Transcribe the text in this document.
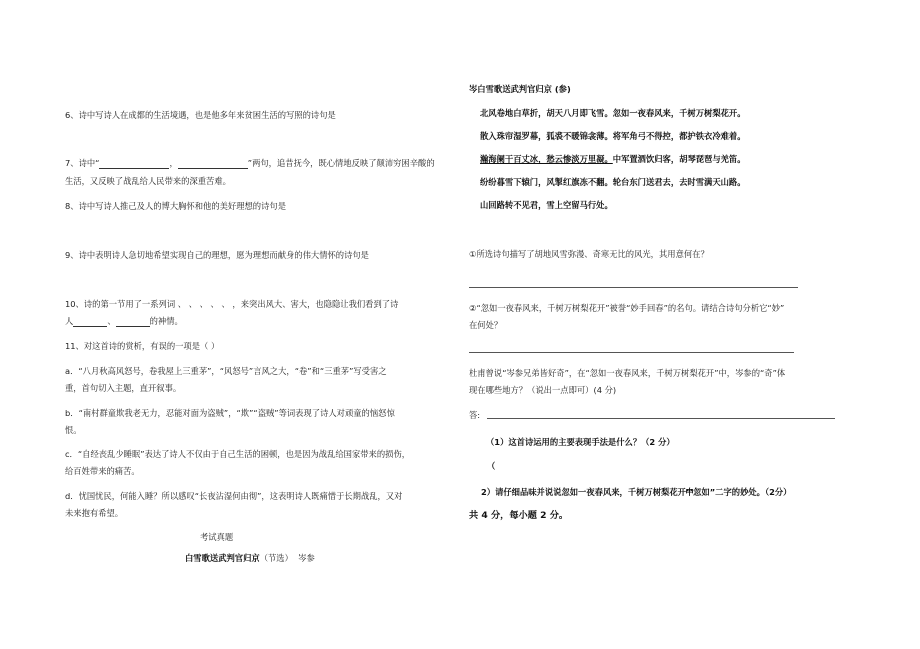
6、诗中写诗人在成都的生活境遇，也是他多年来贫困生活的写照的诗句是
7、诗中“	，	”两句，追昔抚今，既心情地反映了颠沛穷困辛酸的
生活，又反映了战乱给人民带来的深重苦难。
8、诗中写诗人推己及人的博大胸怀和他的美好理想的诗句是
9、诗中表明诗人急切地希望实现自己的理想，愿为理想而献身的伟大情怀的诗句是
10、诗的第一节用了一系列词 、 、 、 、 、 ，来突出风大、害大，也隐隐让我们看到了诗
人	、	的神情。
11、对这首诗的赏析，有误的一项是（ ）
a．“八月秋高风怒号，卷我屋上三重茅”，“风怒号”言风之大，“卷”和“三重茅”写受害之
重，首句切入主题，直开叙事。
b．“南村群童欺我老无力，忍能对面为盗贼”，“欺”“盗贼”等词表现了诗人对顽童的恼怒惊
恨。
c．“自经丧乱少睡眠”表达了诗人不仅由于自己生活的困顿，也是因为战乱给国家带来的损伤，
给百姓带来的痛苦。
d．忧国忧民，何能入睡？所以感叹“长夜沾湿何由彻”，这表明诗人既痛惜于长期战乱，又对
未来抱有希望。
考试真题
白雪歌送武判官归京（节选） 岑参
岑白雪歌送武判官归京 (参)
北风卷地白草折，胡天八月即飞雪。忽如一夜春风来，千树万树梨花开。
散入珠帘湿罗幕，狐裘不暖锦衾薄。将军角弓不得控，都护铁衣冷难着。
瀚海阑干百丈冰，愁云惨淡万里凝。中军置酒饮归客，胡琴琵琶与羌笛。
纷纷暮雪下辕门，风掣红旗冻不翻。轮台东门送君去，去时雪满天山路。
山回路转不见君，雪上空留马行处。
①所选诗句描写了胡地风雪弥漫、奇寒无比的风光，其用意何在？
②“忽如一夜春风来，千树万树梨花开”被誉“妙手回春”的名句。请结合诗句分析它“妙”
在何处？
杜甫曾说“岑参兄弟皆好奇”，在“忽如一夜春风来，千树万树梨花开”中，岑参的“奇”体
现在哪些地方？（说出一点即可）(4 分)
答:
（1）这首诗运用的主要表现手法是什么？（2 分）
（
2）请仔细品味并说说忽如一夜春风来，千树万树梨花开”中”忽如”二字的妙处。（2分）
共 4 分，每小题 2 分。
